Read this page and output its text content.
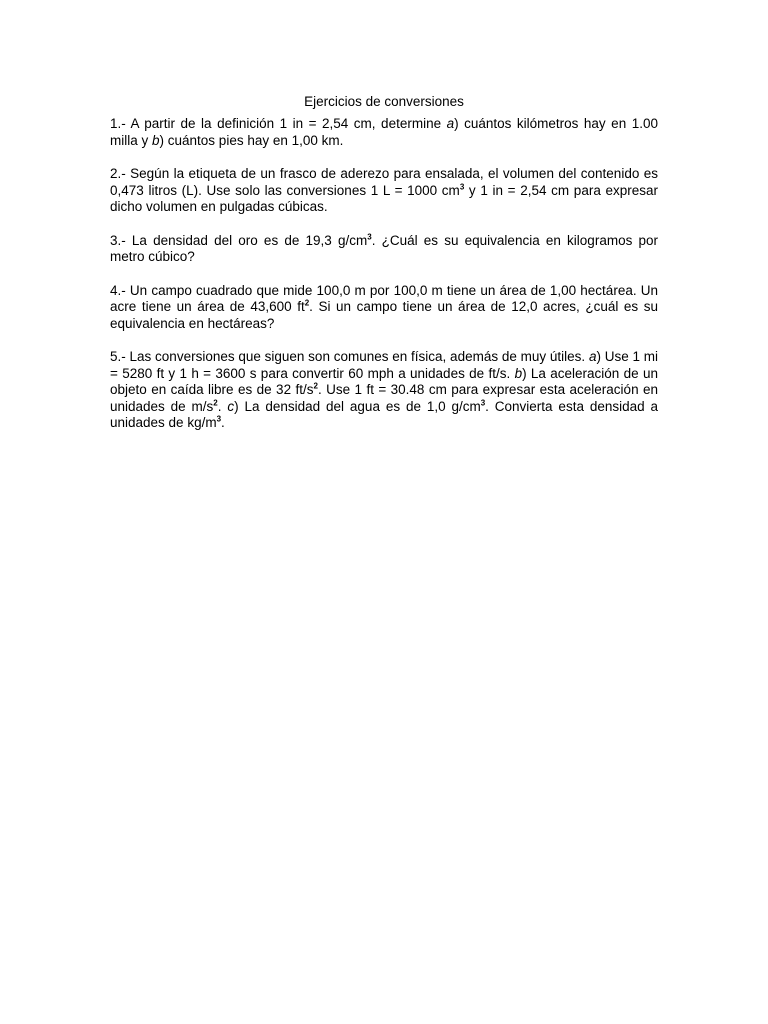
Ejercicios de conversiones

1.- A partir de la definición 1 in = 2,54 cm, determine a) cuántos kilómetros hay en 1.00 milla y b) cuántos pies hay en 1,00 km.

2.- Según la etiqueta de un frasco de aderezo para ensalada, el volumen del contenido es 0,473 litros (L). Use solo las conversiones 1 L = 1000 $cm^3$ y 1 in = 2,54 cm para expresar dicho volumen en pulgadas cúbicas.

3.- La densidad del oro es de 19,3 $g/cm^3$. ¿Cuál es su equivalencia en kilogramos por metro cúbico?

4.- Un campo cuadrado que mide 100,0 m por 100,0 m tiene un área de 1,00 hectárea. Un acre tiene un área de 43,600 $ft^2$. Si un campo tiene un área de 12,0 acres, ¿cuál es su equivalencia en hectáreas?

5.- Las conversiones que siguen son comunes en física, además de muy útiles. a) Use 1 mi = 5280 ft y 1 h = 3600 s para convertir 60 mph a unidades de ft/s. b) La aceleración de un objeto en caída libre es de 32 $ft/s^2$. Use 1 ft = 30.48 cm para expresar esta aceleración en unidades de $m/s^2$. c) La densidad del agua es de 1,0 $g/cm^3$. Convierta esta densidad a unidades de $kg/m^3$.
